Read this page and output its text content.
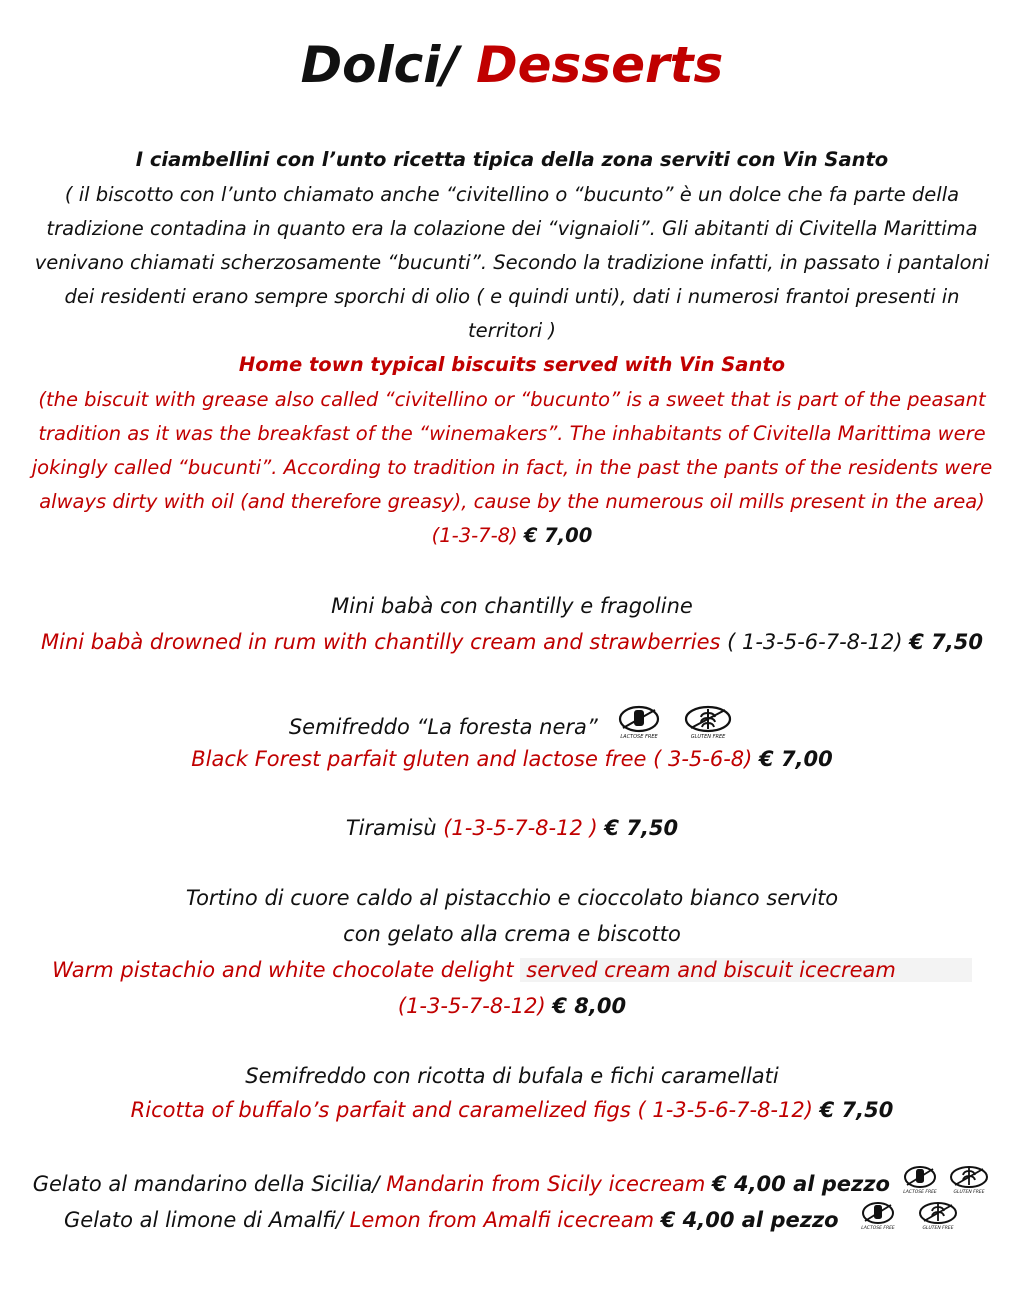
Dolci/ Desserts
I ciambellini con l’unto ricetta tipica della zona serviti con Vin Santo
( il biscotto con l’unto chiamato anche “civitellino o “bucunto” è un dolce che fa parte della
tradizione contadina in quanto era la colazione dei “vignaioli”. Gli abitanti di Civitella Marittima
venivano chiamati scherzosamente “bucunti”. Secondo la tradizione infatti, in passato i pantaloni
dei residenti erano sempre sporchi di olio ( e quindi unti), dati i numerosi frantoi presenti in
territori )
Home town typical biscuits served with Vin Santo
(the biscuit with grease also called “civitellino or “bucunto” is a sweet that is part of the peasant
tradition as it was the breakfast of the “winemakers”. The inhabitants of Civitella Marittima were
jokingly called “bucunti”. According to tradition in fact, in the past the pants of the residents were
always dirty with oil (and therefore greasy), cause by the numerous oil mills present in the area)
(1-3-7-8) € 7,00
Mini babà con chantilly e fragoline
Mini babà drowned in rum with chantilly cream and strawberries ( 1-3-5-6-7-8-12) € 7,50
Semifreddo “La foresta nera”	LACTOSE FREE
	GLUTEN FREE
Black Forest parfait gluten and lactose free ( 3-5-6-8) € 7,00
Tiramisù (1-3-5-7-8-12 ) € 7,50
Tortino di cuore caldo al pistacchio e cioccolato bianco servito
con gelato alla crema e biscotto
Warm pistachio and white chocolate delight served cream and biscuit icecream
(1-3-5-7-8-12) € 8,00
Semifreddo con ricotta di bufala e fichi caramellati
Ricotta of buffalo’s parfait and caramelized figs ( 1-3-5-6-7-8-12) € 7,50
Gelato al mandarino della Sicilia/ Mandarin from Sicily icecream € 4,00 al pezzo	LACTOSE FREE
	GLUTEN FREE
Gelato al limone di Amalfi/ Lemon from Amalfi icecream € 4,00 al pezzo	LACTOSE FREE
	GLUTEN FREE
